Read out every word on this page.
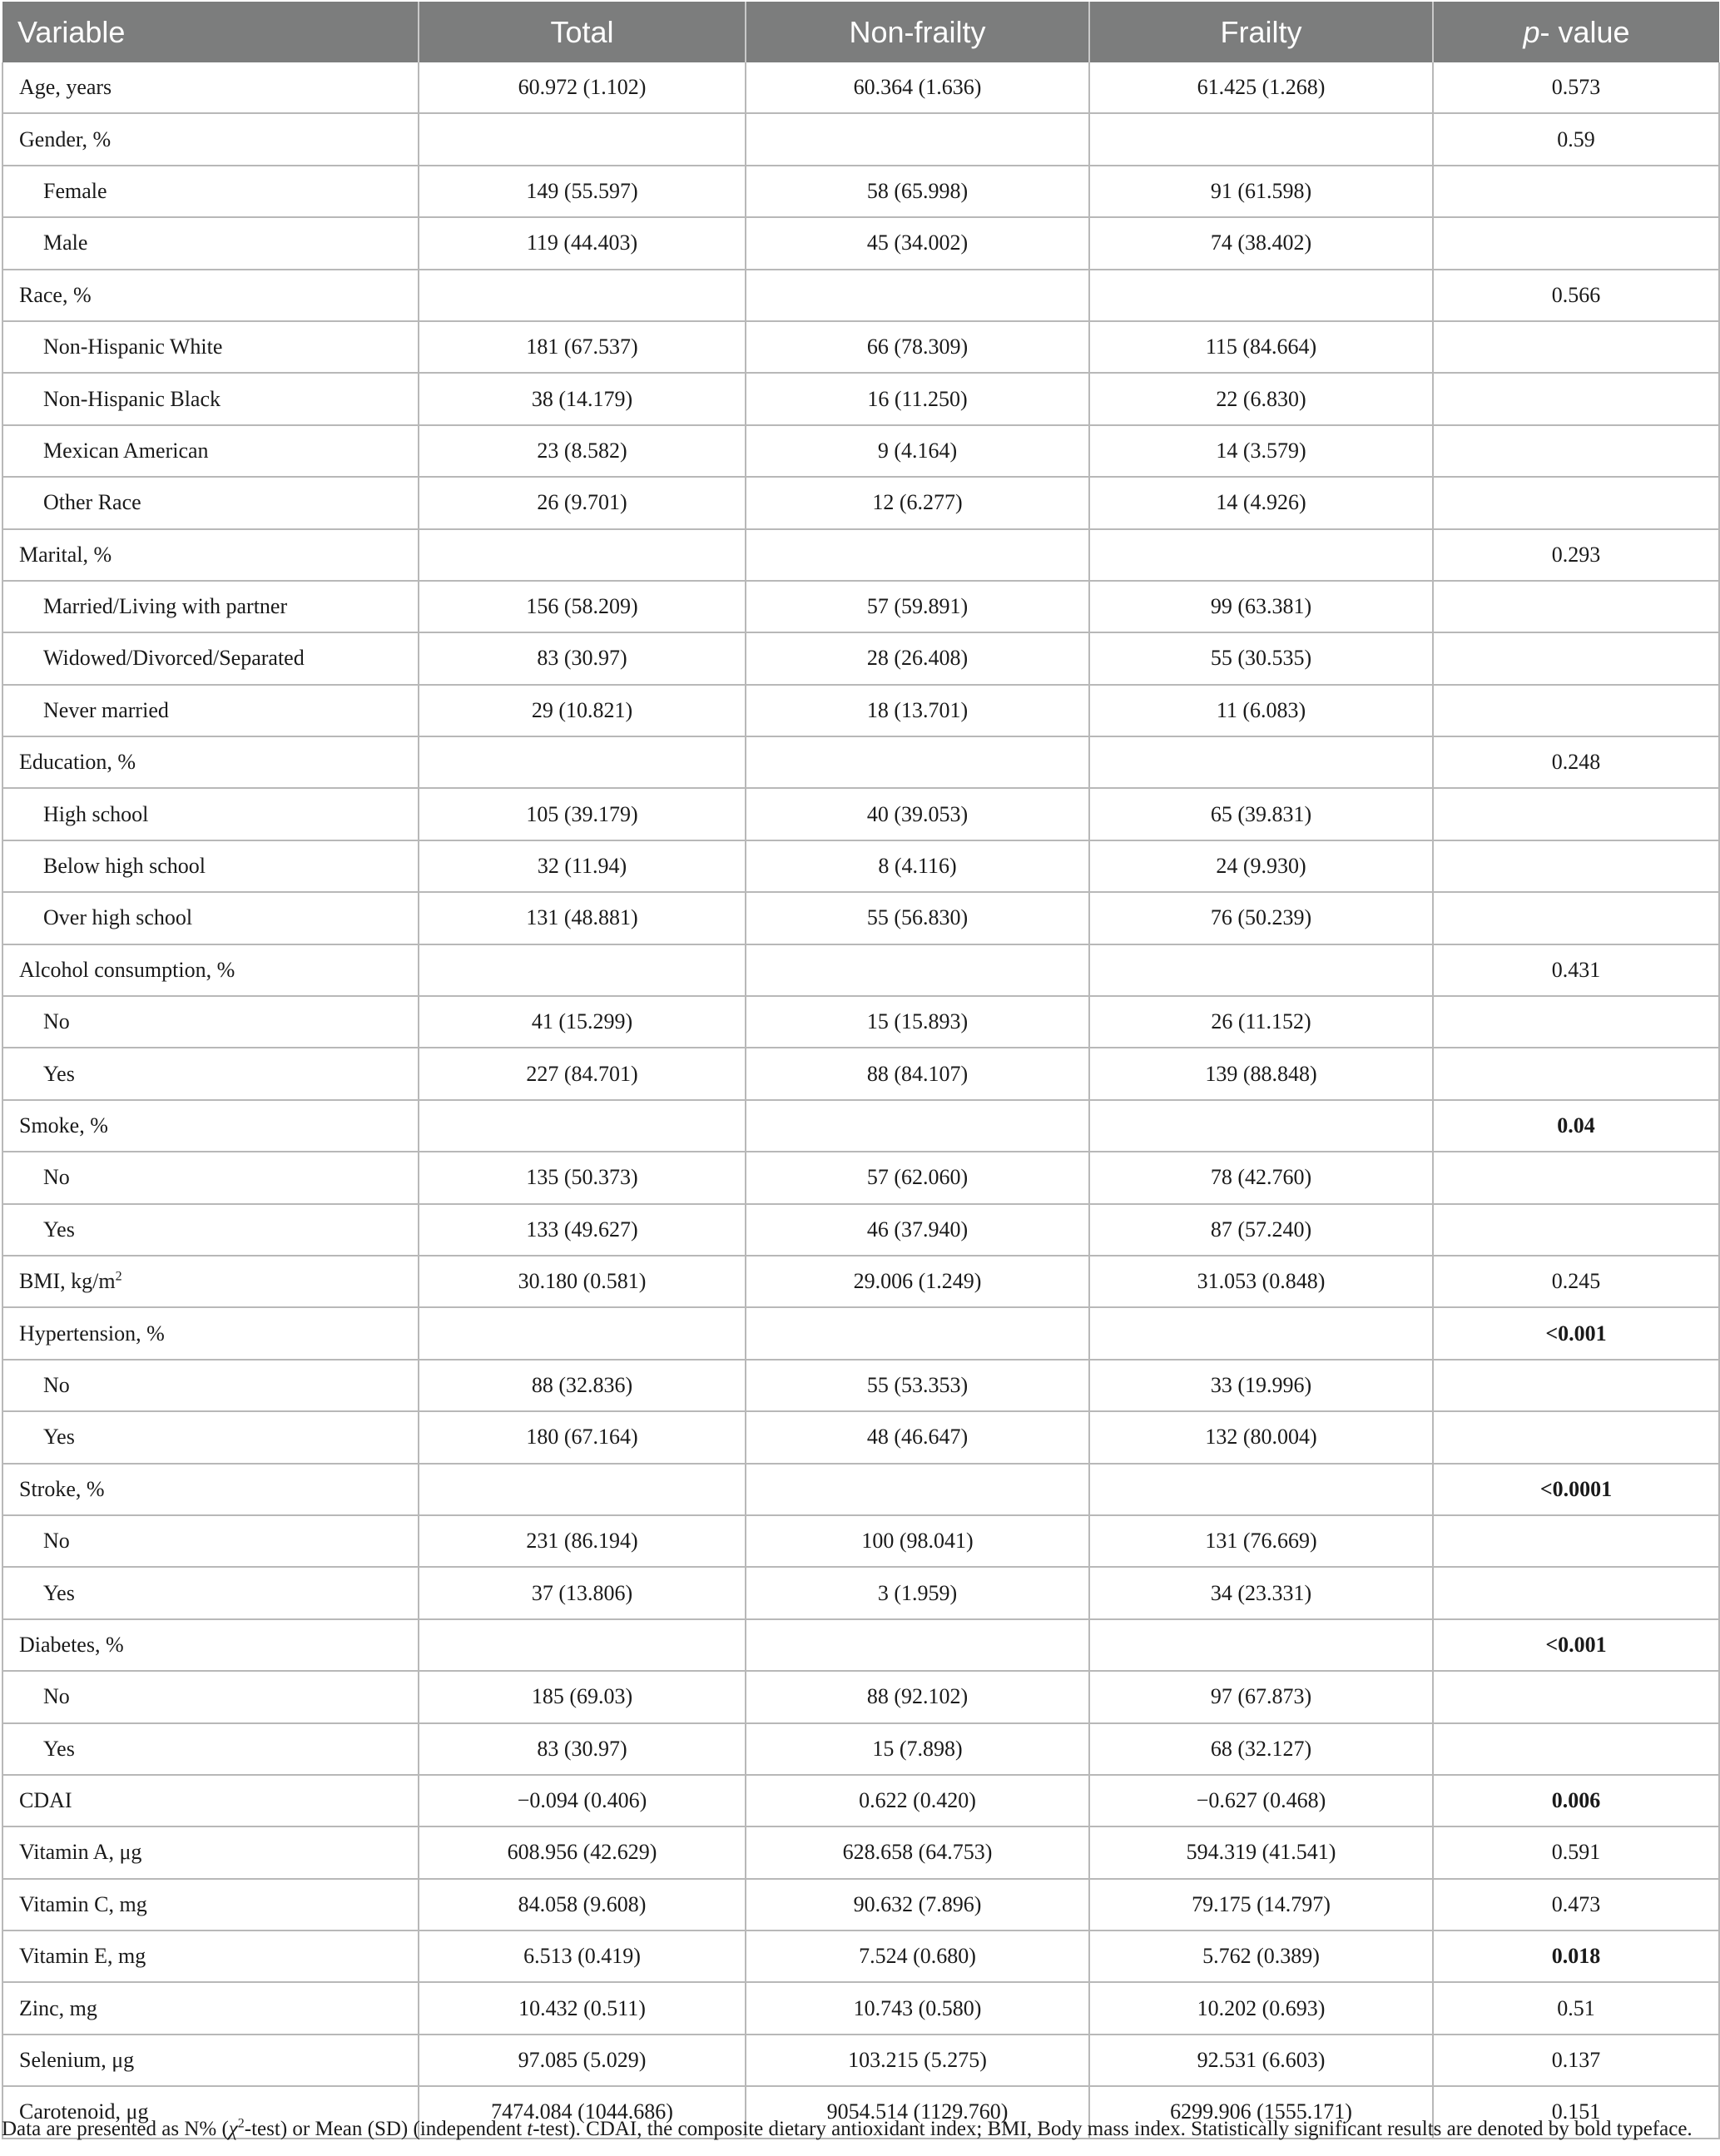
Variable	Total	Non-frailty	Frailty	p- value
Age, years	60.972 (1.102)	60.364 (1.636)	61.425 (1.268)	0.573
Gender, %				0.59
Female	149 (55.597)	58 (65.998)	91 (61.598)	
Male	119 (44.403)	45 (34.002)	74 (38.402)	
Race, %				0.566
Non-Hispanic White	181 (67.537)	66 (78.309)	115 (84.664)	
Non-Hispanic Black	38 (14.179)	16 (11.250)	22 (6.830)	
Mexican American	23 (8.582)	9 (4.164)	14 (3.579)	
Other Race	26 (9.701)	12 (6.277)	14 (4.926)	
Marital, %				0.293
Married/Living with partner	156 (58.209)	57 (59.891)	99 (63.381)	
Widowed/Divorced/Separated	83 (30.97)	28 (26.408)	55 (30.535)	
Never married	29 (10.821)	18 (13.701)	11 (6.083)	
Education, %				0.248
High school	105 (39.179)	40 (39.053)	65 (39.831)	
Below high school	32 (11.94)	8 (4.116)	24 (9.930)	
Over high school	131 (48.881)	55 (56.830)	76 (50.239)	
Alcohol consumption, %				0.431
No	41 (15.299)	15 (15.893)	26 (11.152)	
Yes	227 (84.701)	88 (84.107)	139 (88.848)	
Smoke, %				0.04
No	135 (50.373)	57 (62.060)	78 (42.760)	
Yes	133 (49.627)	46 (37.940)	87 (57.240)	
BMI, $kg/m^2$	30.180 (0.581)	29.006 (1.249)	31.053 (0.848)	0.245
Hypertension, %				<0.001
No	88 (32.836)	55 (53.353)	33 (19.996)	
Yes	180 (67.164)	48 (46.647)	132 (80.004)	
Stroke, %				<0.0001
No	231 (86.194)	100 (98.041)	131 (76.669)	
Yes	37 (13.806)	3 (1.959)	34 (23.331)	
Diabetes, %				<0.001
No	185 (69.03)	88 (92.102)	97 (67.873)	
Yes	83 (30.97)	15 (7.898)	68 (32.127)	
CDAI	−0.094 (0.406)	0.622 (0.420)	−0.627 (0.468)	0.006
Vitamin A, μg	608.956 (42.629)	628.658 (64.753)	594.319 (41.541)	0.591
Vitamin C, mg	84.058 (9.608)	90.632 (7.896)	79.175 (14.797)	0.473
Vitamin E, mg	6.513 (0.419)	7.524 (0.680)	5.762 (0.389)	0.018
Zinc, mg	10.432 (0.511)	10.743 (0.580)	10.202 (0.693)	0.51
Selenium, μg	97.085 (5.029)	103.215 (5.275)	92.531 (6.603)	0.137
Carotenoid, μg	7474.084 (1044.686)	9054.514 (1129.760)	6299.906 (1555.171)	0.151
Data are presented as N% $(\chi^2-test)$ or Mean (SD) (independent t-test). CDAI, the composite dietary antioxidant index; BMI, Body mass index. Statistically significant results are denoted by bold typeface.
